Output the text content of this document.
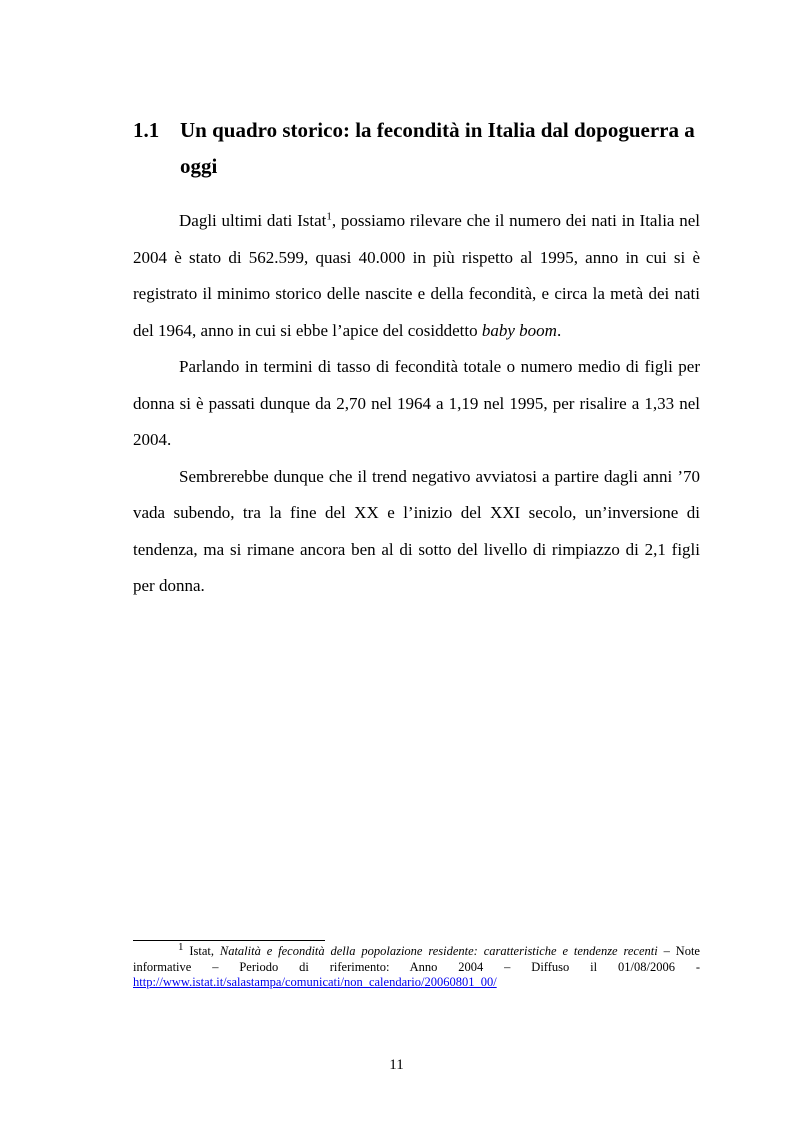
1.1 Un quadro storico: la fecondità in Italia dal dopoguerra a oggi

Dagli ultimi dati Istat$^1$, possiamo rilevare che il numero dei nati in Italia nel 2004 è stato di 562.599, quasi 40.000 in più rispetto al 1995, anno in cui si è registrato il minimo storico delle nascite e della fecondità, e circa la metà dei nati del 1964, anno in cui si ebbe l’apice del cosiddetto baby boom.

Parlando in termini di tasso di fecondità totale o numero medio di figli per donna si è passati dunque da 2,70 nel 1964 a 1,19 nel 1995, per risalire a 1,33 nel 2004.

Sembrerebbe dunque che il trend negativo avviatosi a partire dagli anni ’70 vada subendo, tra la fine del XX e l’inizio del XXI secolo, un’inversione di tendenza, ma si rimane ancora ben al di sotto del livello di rimpiazzo di 2,1 figli per donna.

$^1$ Istat, Natalità e fecondità della popolazione residente: caratteristiche e tendenze recenti – Note informative – Periodo di riferimento: Anno 2004 – Diffuso il 01/08/2006 - http://www.istat.it/salastampa/comunicati/non_calendario/20060801_00/
11
